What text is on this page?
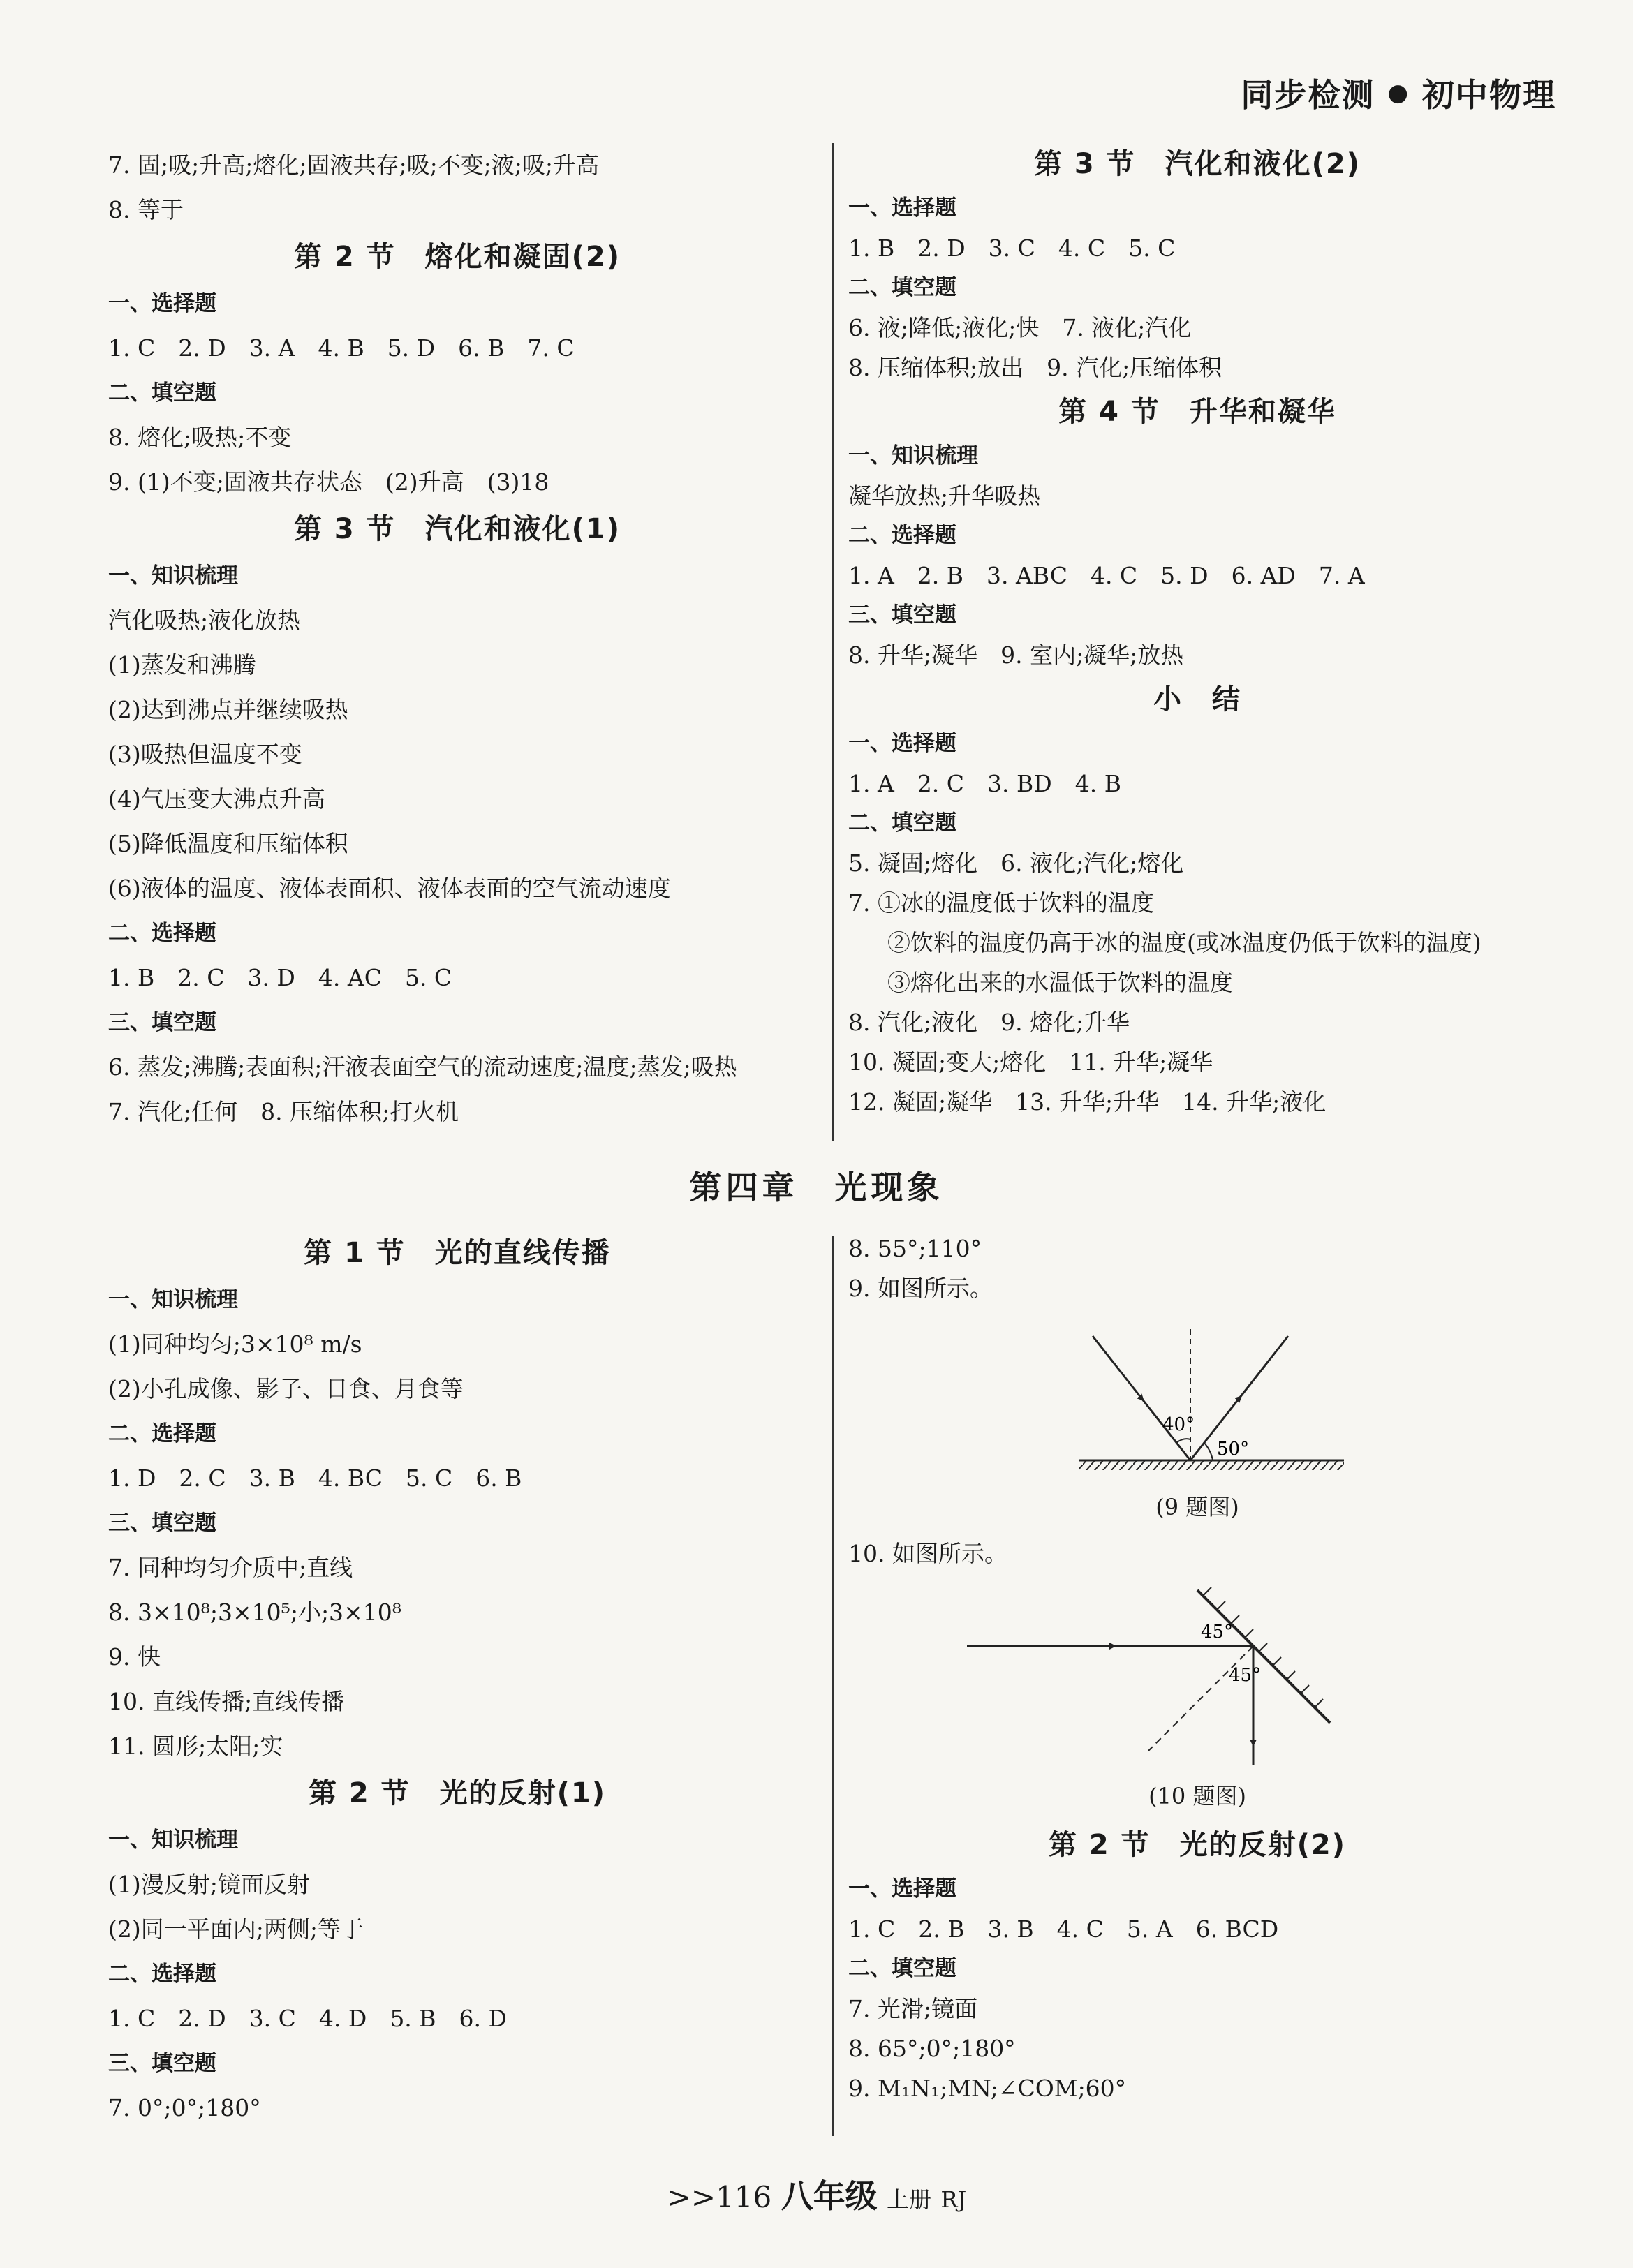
同步检测 ● 初中物理
7. 固;吸;升高;熔化;固液共存;吸;不变;液;吸;升高
8. 等于
第 2 节　熔化和凝固(2)
一、选择题
1. C　2. D　3. A　4. B　5. D　6. B　7. C
二、填空题
8. 熔化;吸热;不变
9. (1)不变;固液共存状态　(2)升高　(3)18
第 3 节　汽化和液化(1)
一、知识梳理
汽化吸热;液化放热
(1)蒸发和沸腾
(2)达到沸点并继续吸热
(3)吸热但温度不变
(4)气压变大沸点升高
(5)降低温度和压缩体积
(6)液体的温度、液体表面积、液体表面的空气流动速度
二、选择题
1. B　2. C　3. D　4. AC　5. C
三、填空题
6. 蒸发;沸腾;表面积;汗液表面空气的流动速度;温度;蒸发;吸热
7. 汽化;任何　8. 压缩体积;打火机
第 3 节　汽化和液化(2)
一、选择题
1. B　2. D　3. C　4. C　5. C
二、填空题
6. 液;降低;液化;快　7. 液化;汽化
8. 压缩体积;放出　9. 汽化;压缩体积
第 4 节　升华和凝华
一、知识梳理
凝华放热;升华吸热
二、选择题
1. A　2. B　3. ABC　4. C　5. D　6. AD　7. A
三、填空题
8. 升华;凝华　9. 室内;凝华;放热
小　结
一、选择题
1. A　2. C　3. BD　4. B
二、填空题
5. 凝固;熔化　6. 液化;汽化;熔化
7. ①冰的温度低于饮料的温度
②饮料的温度仍高于冰的温度(或冰温度仍低于饮料的温度)
③熔化出来的水温低于饮料的温度
8. 汽化;液化　9. 熔化;升华
10. 凝固;变大;熔化　11. 升华;凝华
12. 凝固;凝华　13. 升华;升华　14. 升华;液化
第四章　光现象
第 1 节　光的直线传播
一、知识梳理
(1)同种均匀;3×10⁸ m/s
(2)小孔成像、影子、日食、月食等
二、选择题
1. D　2. C　3. B　4. BC　5. C　6. B
三、填空题
7. 同种均匀介质中;直线
8. 3×10⁸;3×10⁵;小;3×10⁸
9. 快
10. 直线传播;直线传播
11. 圆形;太阳;实
第 2 节　光的反射(1)
一、知识梳理
(1)漫反射;镜面反射
(2)同一平面内;两侧;等于
二、选择题
1. C　2. D　3. C　4. D　5. B　6. D
三、填空题
7. 0°;0°;180°
8. 55°;110°
9. 如图所示。
40°
50°
(9 题图)
10. 如图所示。
45°
45°
(10 题图)
第 2 节　光的反射(2)
一、选择题
1. C　2. B　3. B　4. C　5. A　6. BCD
二、填空题
7. 光滑;镜面
8. 65°;0°;180°
9. M₁N₁;MN;∠COM;60°
>>116 八年级 上册 RJ
